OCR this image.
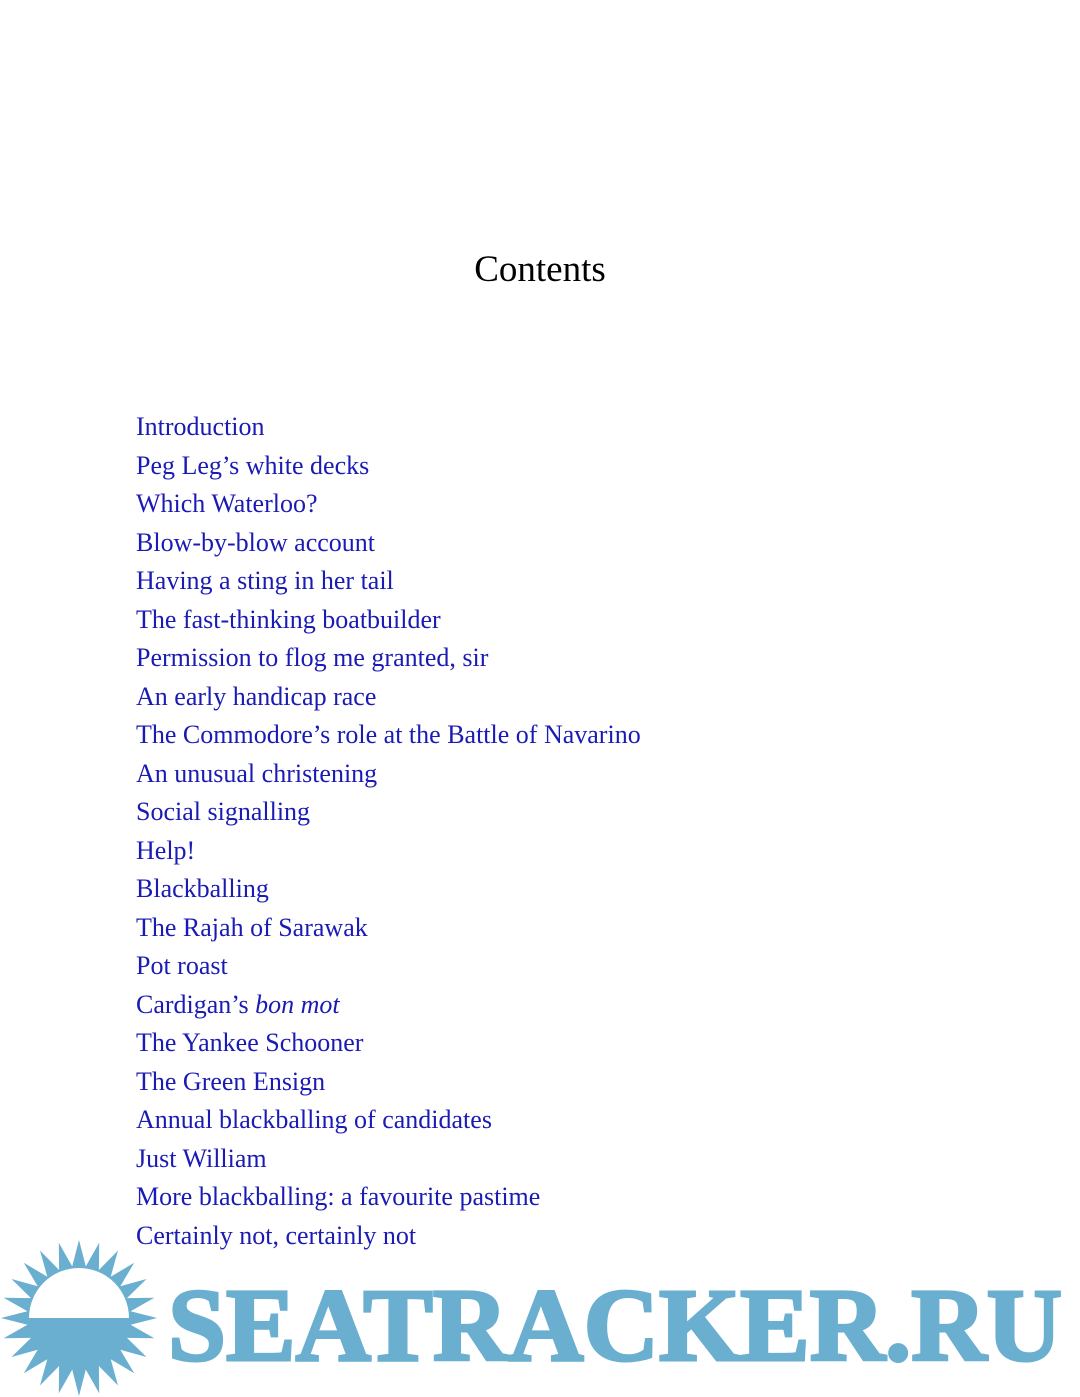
Contents
Introduction
Peg Leg’s white decks
Which Waterloo?
Blow-by-blow account
Having a sting in her tail
The fast-thinking boatbuilder
Permission to flog me granted, sir
An early handicap race
The Commodore’s role at the Battle of Navarino
An unusual christening
Social signalling
Help!
Blackballing
The Rajah of Sarawak
Pot roast
Cardigan’s bon mot
The Yankee Schooner
The Green Ensign
Annual blackballing of candidates
Just William
More blackballing: a favourite pastime
Certainly not, certainly not
SEATRACKER.RU
